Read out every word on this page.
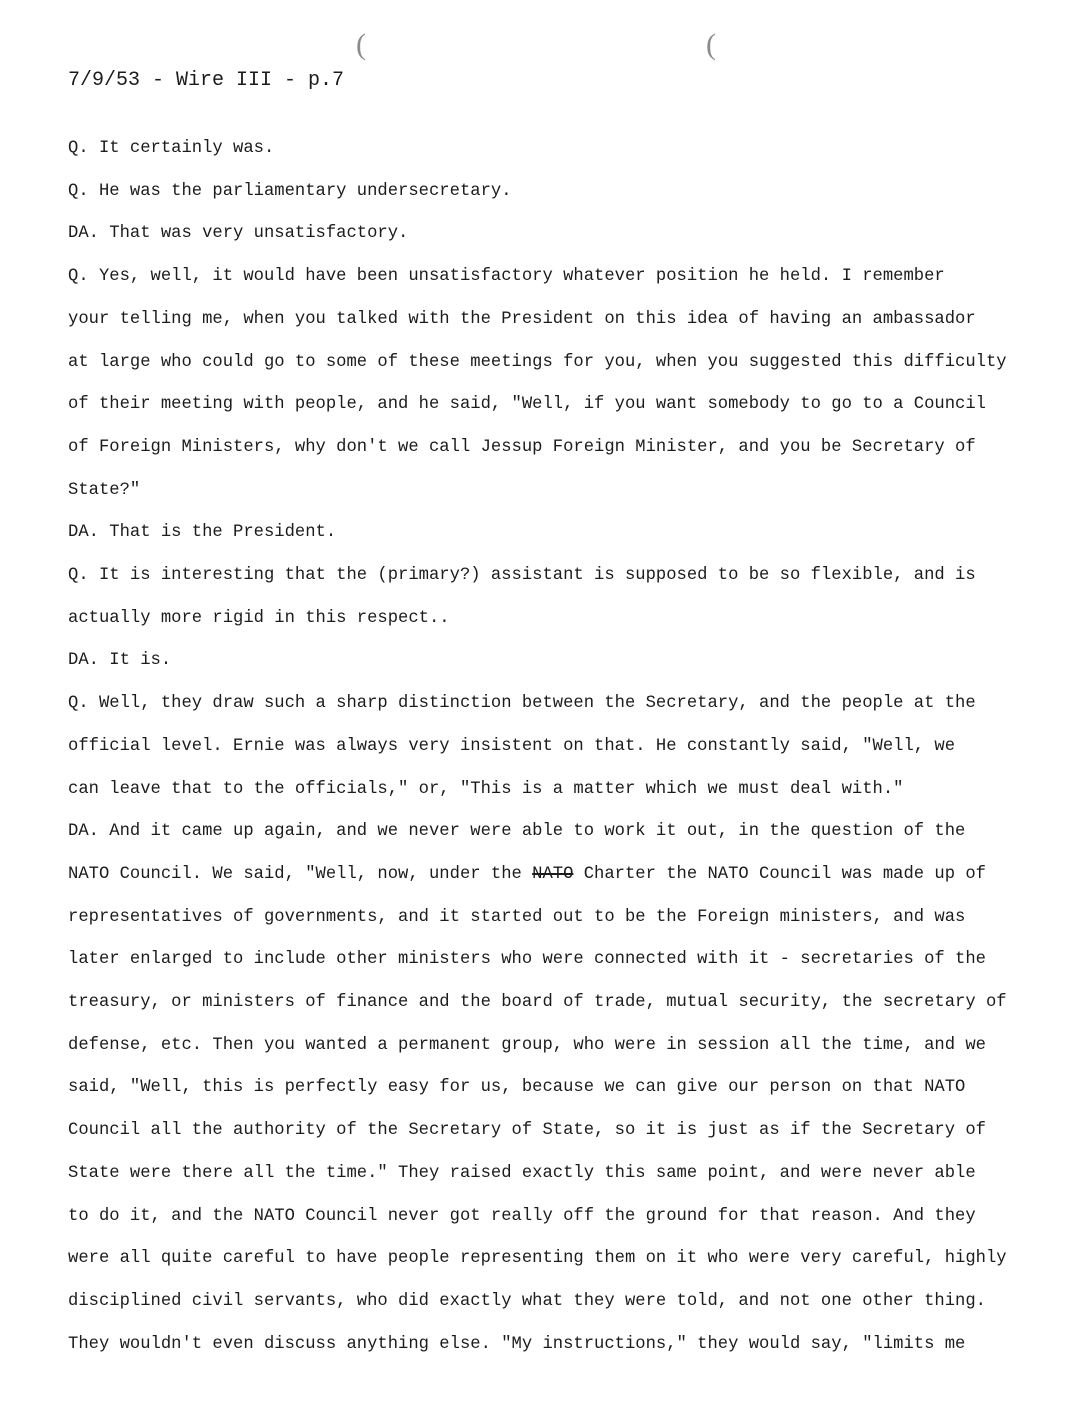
(	(
7/9/53 - Wire III - p.7

Q. It certainly was.

Q. He was the parliamentary undersecretary.

DA. That was very unsatisfactory.

Q. Yes, well, it would have been unsatisfactory whatever position he held. I remember

your telling me, when you talked with the President on this idea of having an ambassador

at large who could go to some of these meetings for you, when you suggested this difficulty

of their meeting with people, and he said, "Well, if you want somebody to go to a Council

of Foreign Ministers, why don't we call Jessup Foreign Minister, and you be Secretary of

State?"

DA. That is the President.

Q. It is interesting that the (primary?) assistant is supposed to be so flexible, and is

actually more rigid in this respect..

DA. It is.

Q. Well, they draw such a sharp distinction between the Secretary, and the people at the

official level. Ernie was always very insistent on that. He constantly said, "Well, we

can leave that to the officials," or, "This is a matter which we must deal with."

DA. And it came up again, and we never were able to work it out, in the question of the

NATO Council. We said, "Well, now, under the NATO Charter the NATO Council was made up of

representatives of governments, and it started out to be the Foreign ministers, and was

later enlarged to include other ministers who were connected with it - secretaries of the

treasury, or ministers of finance and the board of trade, mutual security, the secretary of

defense, etc. Then you wanted a permanent group, who were in session all the time, and we

said, "Well, this is perfectly easy for us, because we can give our person on that NATO

Council all the authority of the Secretary of State, so it is just as if the Secretary of

State were there all the time." They raised exactly this same point, and were never able

to do it, and the NATO Council never got really off the ground for that reason. And they

were all quite careful to have people representing them on it who were very careful, highly

disciplined civil servants, who did exactly what they were told, and not one other thing.

They wouldn't even discuss anything else. "My instructions," they would say, "limits me
